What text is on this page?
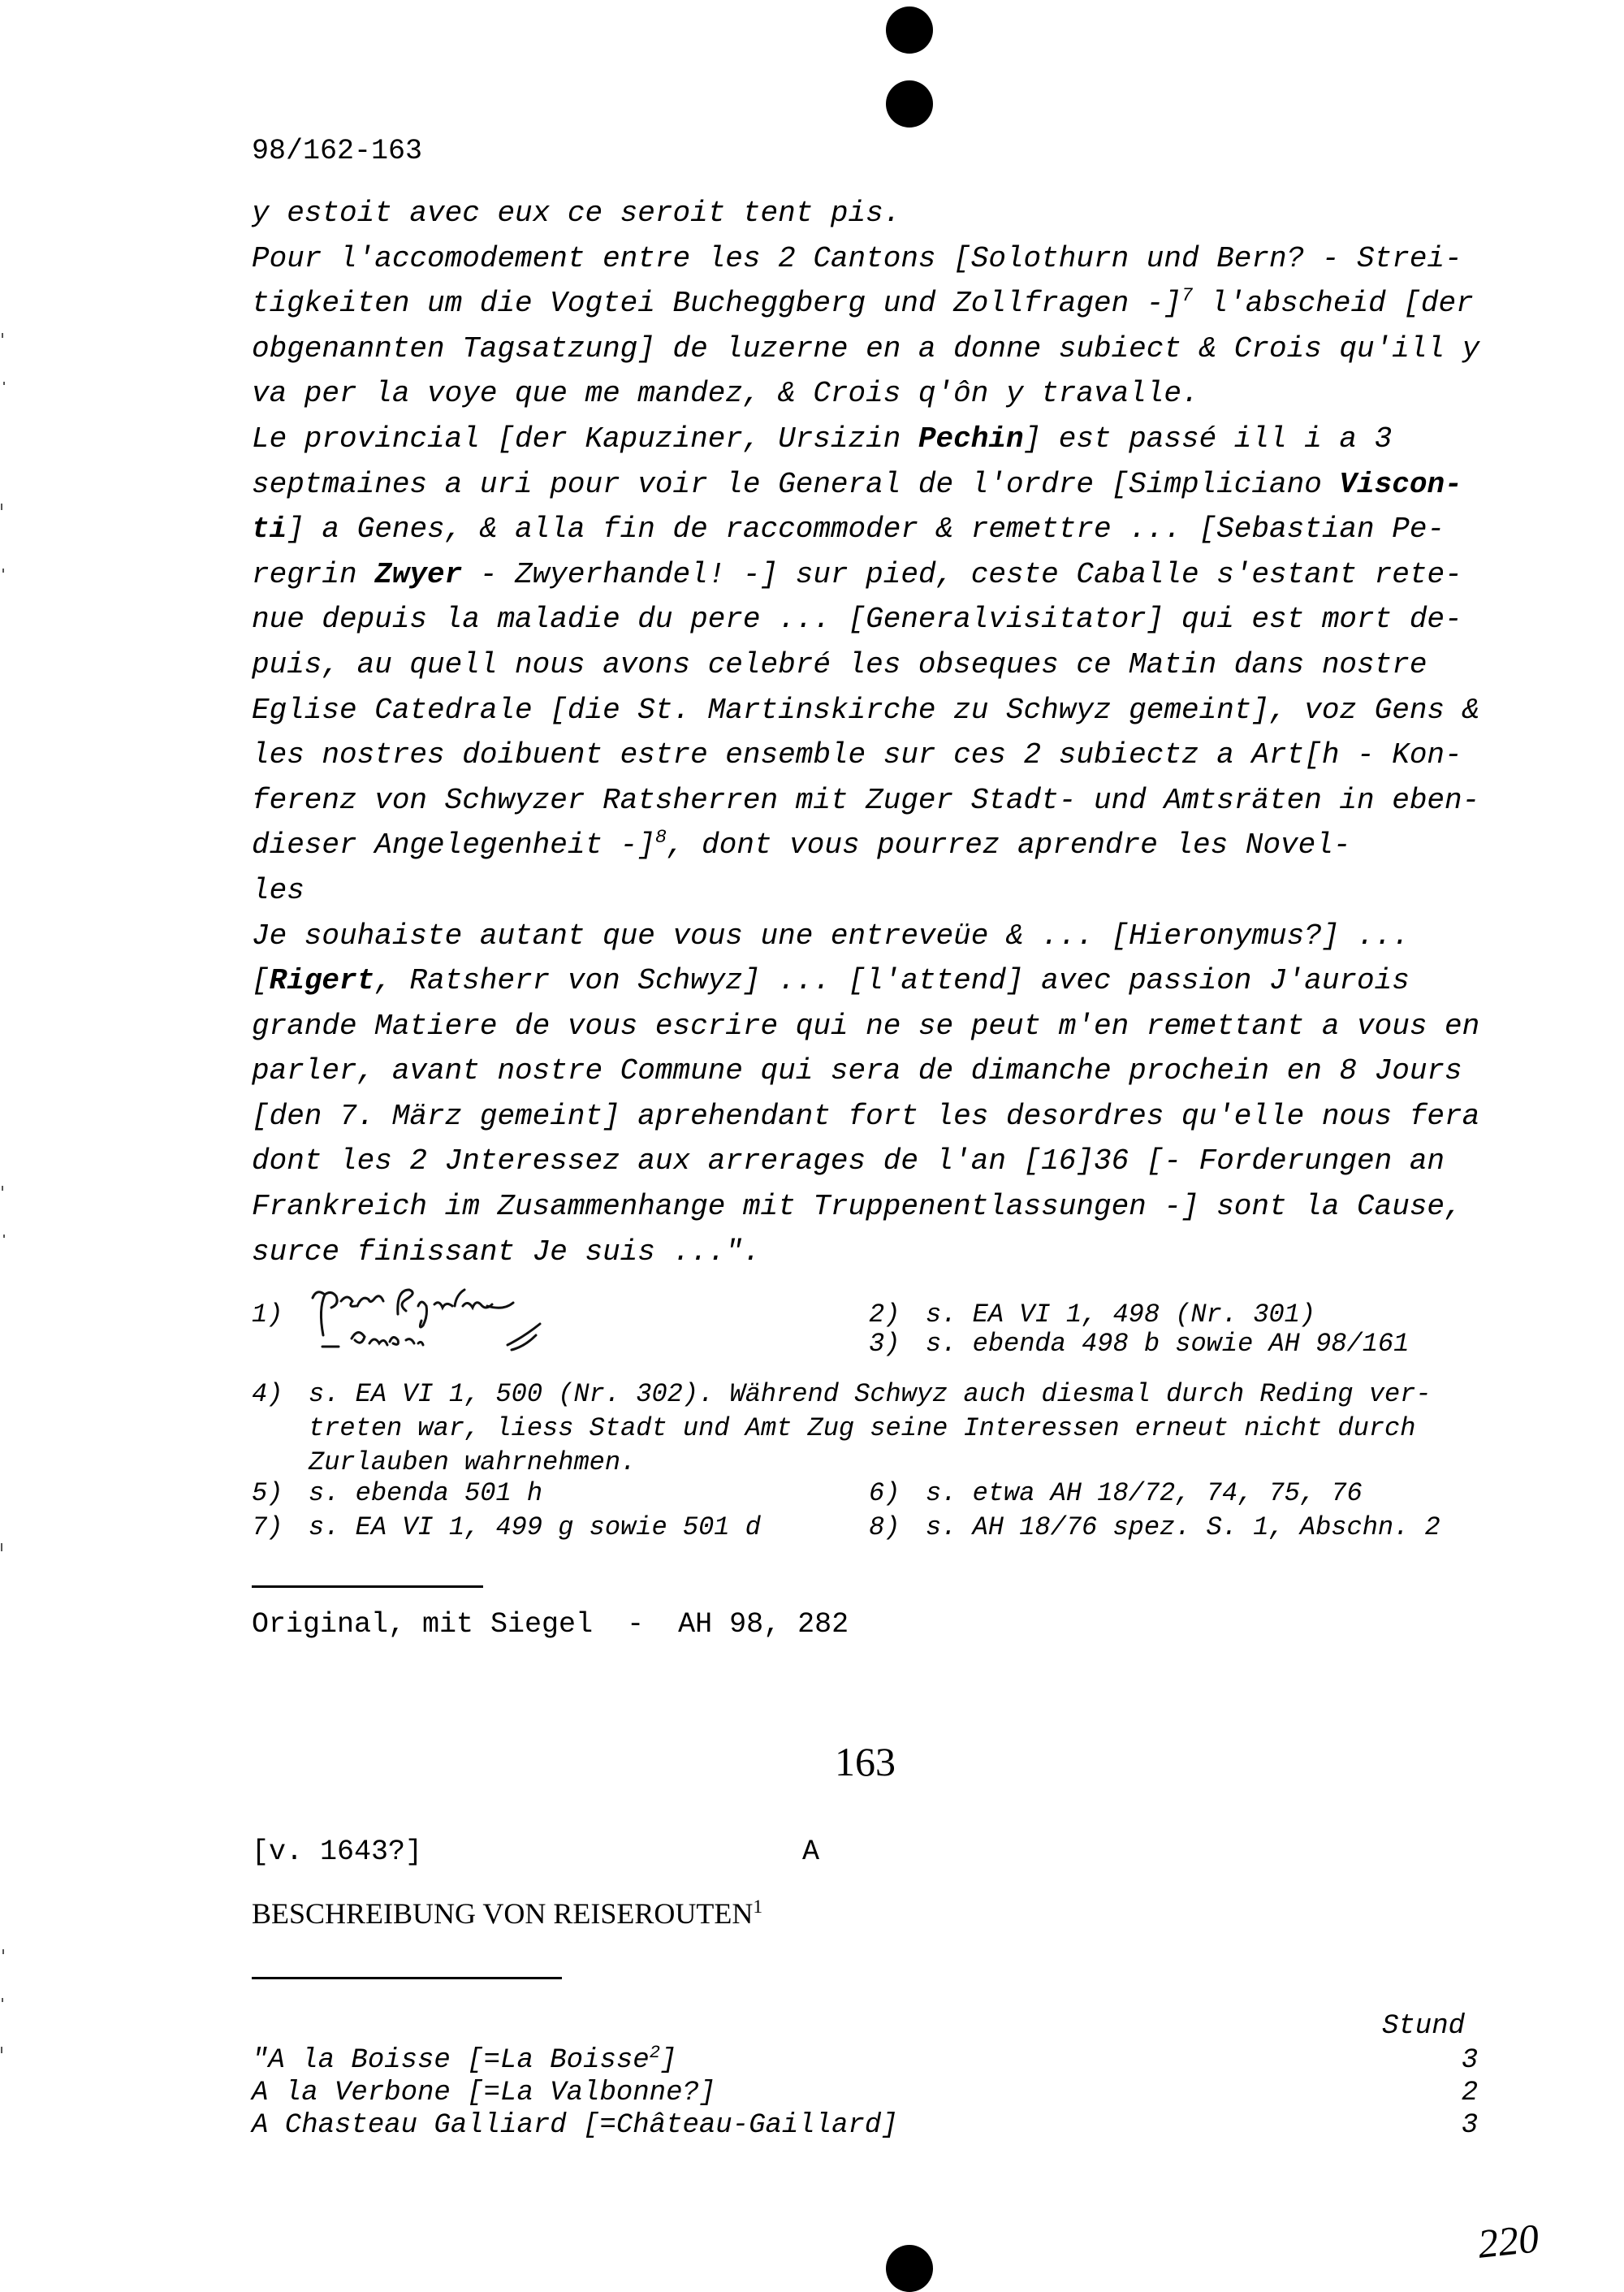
98/162-163

y estoit avec eux ce seroit tent pis.

Pour l'accomodement entre les 2 Cantons [Solothurn und Bern? - Strei-

tigkeiten um die Vogtei Bucheggberg und Zollfragen -]$^7$ l'abscheid [der

obgenannten Tagsatzung] de luzerne en a donne subiect & Crois qu'ill y

va per la voye que me mandez, & Crois q'ôn y travalle.

Le provincial [der Kapuziner, Ursizin Pechin] est passé ill i a 3

septmaines a uri pour voir le General de l'ordre [Simpliciano Viscon-

ti] a Genes, & alla fin de raccommoder & remettre ... [Sebastian Pe-

regrin Zwyer - Zwyerhandel! -] sur pied, ceste Caballe s'estant rete-

nue depuis la maladie du pere ... [Generalvisitator] qui est mort de-

puis, au quell nous avons celebré les obseques ce Matin dans nostre

Eglise Catedrale [die St. Martinskirche zu Schwyz gemeint], voz Gens &

les nostres doibuent estre ensemble sur ces 2 subiectz a Art[h - Kon-

ferenz von Schwyzer Ratsherren mit Zuger Stadt- und Amtsräten in eben-

dieser Angelegenheit -]$^8$, dont vous pourrez aprendre les Novel-

les

Je souhaiste autant que vous une entreveüe & ... [Hieronymus?] ...

[Rigert, Ratsherr von Schwyz] ... [l'attend] avec passion J'aurois

grande Matiere de vous escrire qui ne se peut m'en remettant a vous en

parler, avant nostre Commune qui sera de dimanche prochein en 8 Jours

[den 7. März gemeint] aprehendant fort les desordres qu'elle nous fera

dont les 2 Jnteressez aux arrerages de l'an [16]36 [- Forderungen an

Frankreich im Zusammenhange mit Truppenentlassungen -] sont la Cause,

surce finissant Je suis ...".

1)	2) s. EA VI 1, 498 (Nr. 301)
3) s. ebenda 498 b sowie AH 98/161
4) s. EA VI 1, 500 (Nr. 302). Während Schwyz auch diesmal durch Reding ver-
treten war, liess Stadt und Amt Zug seine Interessen erneut nicht durch
Zurlauben wahrnehmen.
5) s. ebenda 501 h	6) s. etwa AH 18/72, 74, 75, 76
7) s. EA VI 1, 499 g sowie 501 d	8) s. AH 18/76 spez. S. 1, Abschn. 2
Original, mit Siegel  -  AH 98, 282
163
[v. 1643?]	A
BESCHREIBUNG VON REISEROUTEN$^1$
Stund
"A la Boisse [=La Boisse$^2$]	3
A la Verbone [=La Valbonne?]	2
A Chasteau Galliard [=Château-Gaillard]	3
220
